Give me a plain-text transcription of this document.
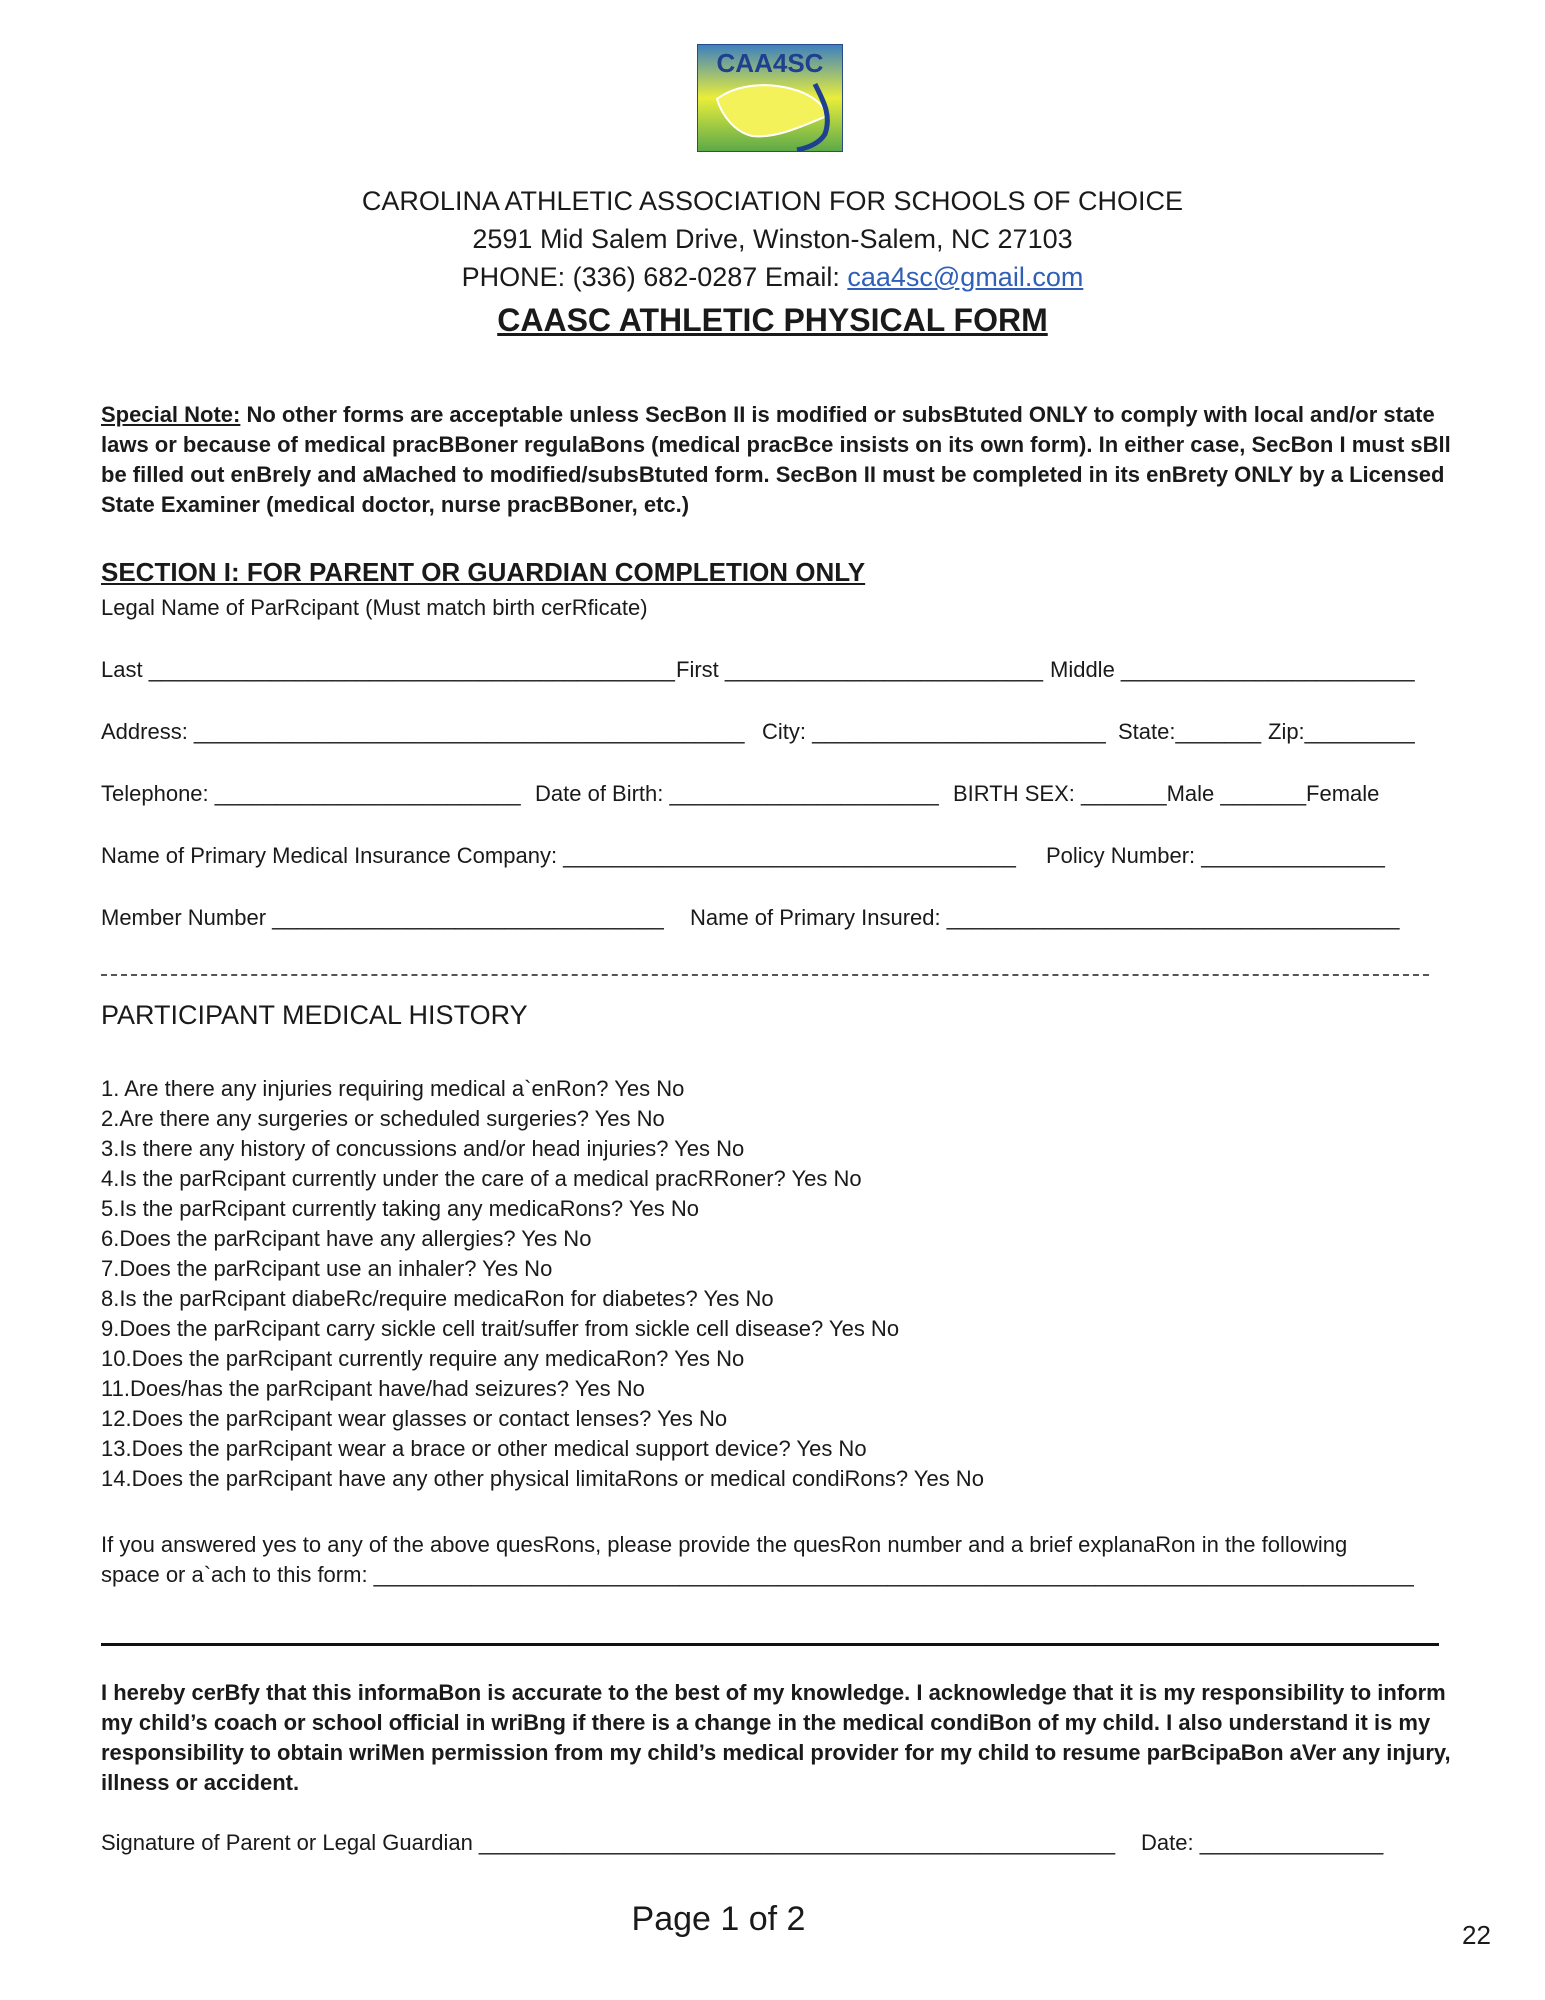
CAA4SC
CAROLINA ATHLETIC ASSOCIATION FOR SCHOOLS OF CHOICE
2591 Mid Salem Drive, Winston-Salem, NC 27103
PHONE: (336) 682-0287 Email: caa4sc@gmail.com
CAASC ATHLETIC PHYSICAL FORM
Special Note: No other forms are acceptable unless SecBon II is modified or subsBtuted ONLY to comply with local and/or state laws or because of medical pracBBoner regulaBons (medical pracBce insists on its own form). In either case, SecBon I must sBll be filled out enBrely and aMached to modified/subsBtuted form. SecBon II must be completed in its enBrety ONLY by a Licensed State Examiner (medical doctor, nurse pracBBoner, etc.)
SECTION I: FOR PARENT OR GUARDIAN COMPLETION ONLY
Legal Name of ParRcipant (Must match birth cerRficate)
Last ___________________________________________ First __________________________ Middle ________________________
Address: _____________________________________________ City: ________________________ State:_______ Zip:_________
Telephone: _________________________ Date of Birth: ______________________ BIRTH SEX: _______Male _______Female
Name of Primary Medical Insurance Company: _____________________________________ Policy Number: _______________
Member Number ________________________________ Name of Primary Insured: _____________________________________
PARTICIPANT MEDICAL HISTORY
1. Are there any injuries requiring medical a`enRon? Yes No
2.Are there any surgeries or scheduled surgeries? Yes No
3.Is there any history of concussions and/or head injuries? Yes No
4.Is the parRcipant currently under the care of a medical pracRRoner? Yes No
5.Is the parRcipant currently taking any medicaRons? Yes No
6.Does the parRcipant have any allergies? Yes No
7.Does the parRcipant use an inhaler? Yes No
8.Is the parRcipant diabeRc/require medicaRon for diabetes? Yes No
9.Does the parRcipant carry sickle cell trait/suffer from sickle cell disease? Yes No
10.Does the parRcipant currently require any medicaRon? Yes No
11.Does/has the parRcipant have/had seizures? Yes No
12.Does the parRcipant wear glasses or contact lenses? Yes No
13.Does the parRcipant wear a brace or other medical support device? Yes No
14.Does the parRcipant have any other physical limitaRons or medical condiRons? Yes No
If you answered yes to any of the above quesRons, please provide the quesRon number and a brief explanaRon in the following
space or a`ach to this form: _____________________________________________________________________________________
I hereby cerBfy that this informaBon is accurate to the best of my knowledge. I acknowledge that it is my responsibility to inform my child’s coach or school official in wriBng if there is a change in the medical condiBon of my child. I also understand it is my responsibility to obtain wriMen permission from my child’s medical provider for my child to resume parBcipaBon aVer any injury, illness or accident.
Signature of Parent or Legal Guardian ____________________________________________________ Date: _______________
Page 1 of 2	22
